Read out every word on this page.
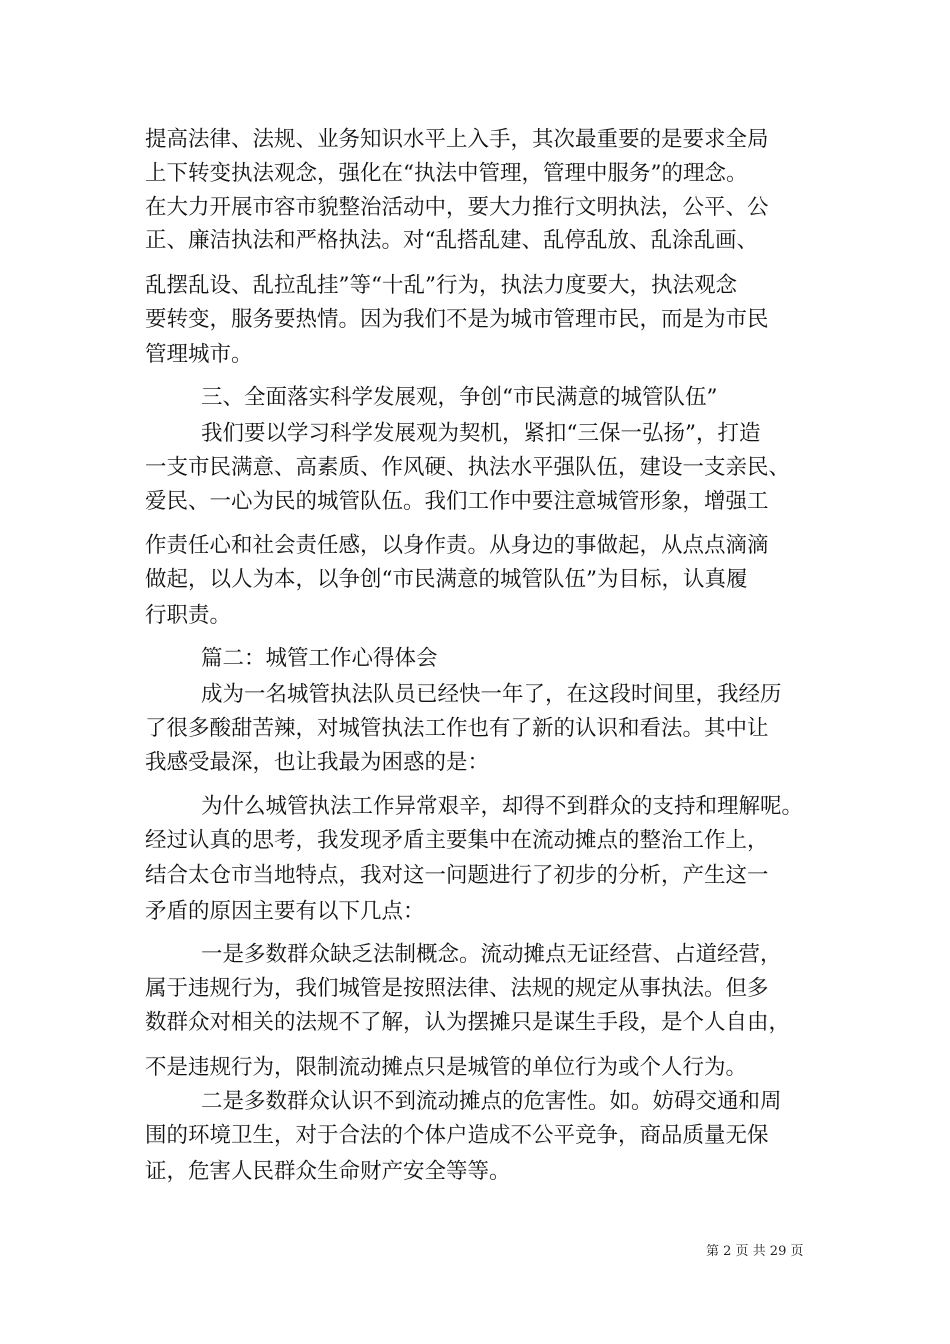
提高法律、法规、业务知识水平上入手，其次最重要的是要求全局

上下转变执法观念，强化在“执法中管理，管理中服务”的理念。

在大力开展市容市貌整治活动中，要大力推行文明执法，公平、公

正、廉洁执法和严格执法。对“乱搭乱建、乱停乱放、乱涂乱画、

乱摆乱设、乱拉乱挂”等“十乱”行为，执法力度要大，执法观念

要转变，服务要热情。因为我们不是为城市管理市民，而是为市民

管理城市。

三、全面落实科学发展观，争创“市民满意的城管队伍”

我们要以学习科学发展观为契机，紧扣“三保一弘扬”，打造

一支市民满意、高素质、作风硬、执法水平强队伍，建设一支亲民、

爱民、一心为民的城管队伍。我们工作中要注意城管形象，增强工

作责任心和社会责任感，以身作责。从身边的事做起，从点点滴滴

做起，以人为本，以争创“市民满意的城管队伍”为目标，认真履

行职责。

篇二：城管工作心得体会

成为一名城管执法队员已经快一年了，在这段时间里，我经历

了很多酸甜苦辣，对城管执法工作也有了新的认识和看法。其中让

我感受最深，也让我最为困惑的是：

为什么城管执法工作异常艰辛，却得不到群众的支持和理解呢。

经过认真的思考，我发现矛盾主要集中在流动摊点的整治工作上，

结合太仓市当地特点，我对这一问题进行了初步的分析，产生这一

矛盾的原因主要有以下几点：

一是多数群众缺乏法制概念。流动摊点无证经营、占道经营，

属于违规行为，我们城管是按照法律、法规的规定从事执法。但多

数群众对相关的法规不了解，认为摆摊只是谋生手段，是个人自由，

不是违规行为，限制流动摊点只是城管的单位行为或个人行为。

二是多数群众认识不到流动摊点的危害性。如。妨碍交通和周

围的环境卫生，对于合法的个体户造成不公平竞争，商品质量无保

证，危害人民群众生命财产安全等等。

第 2 页 共 29 页
